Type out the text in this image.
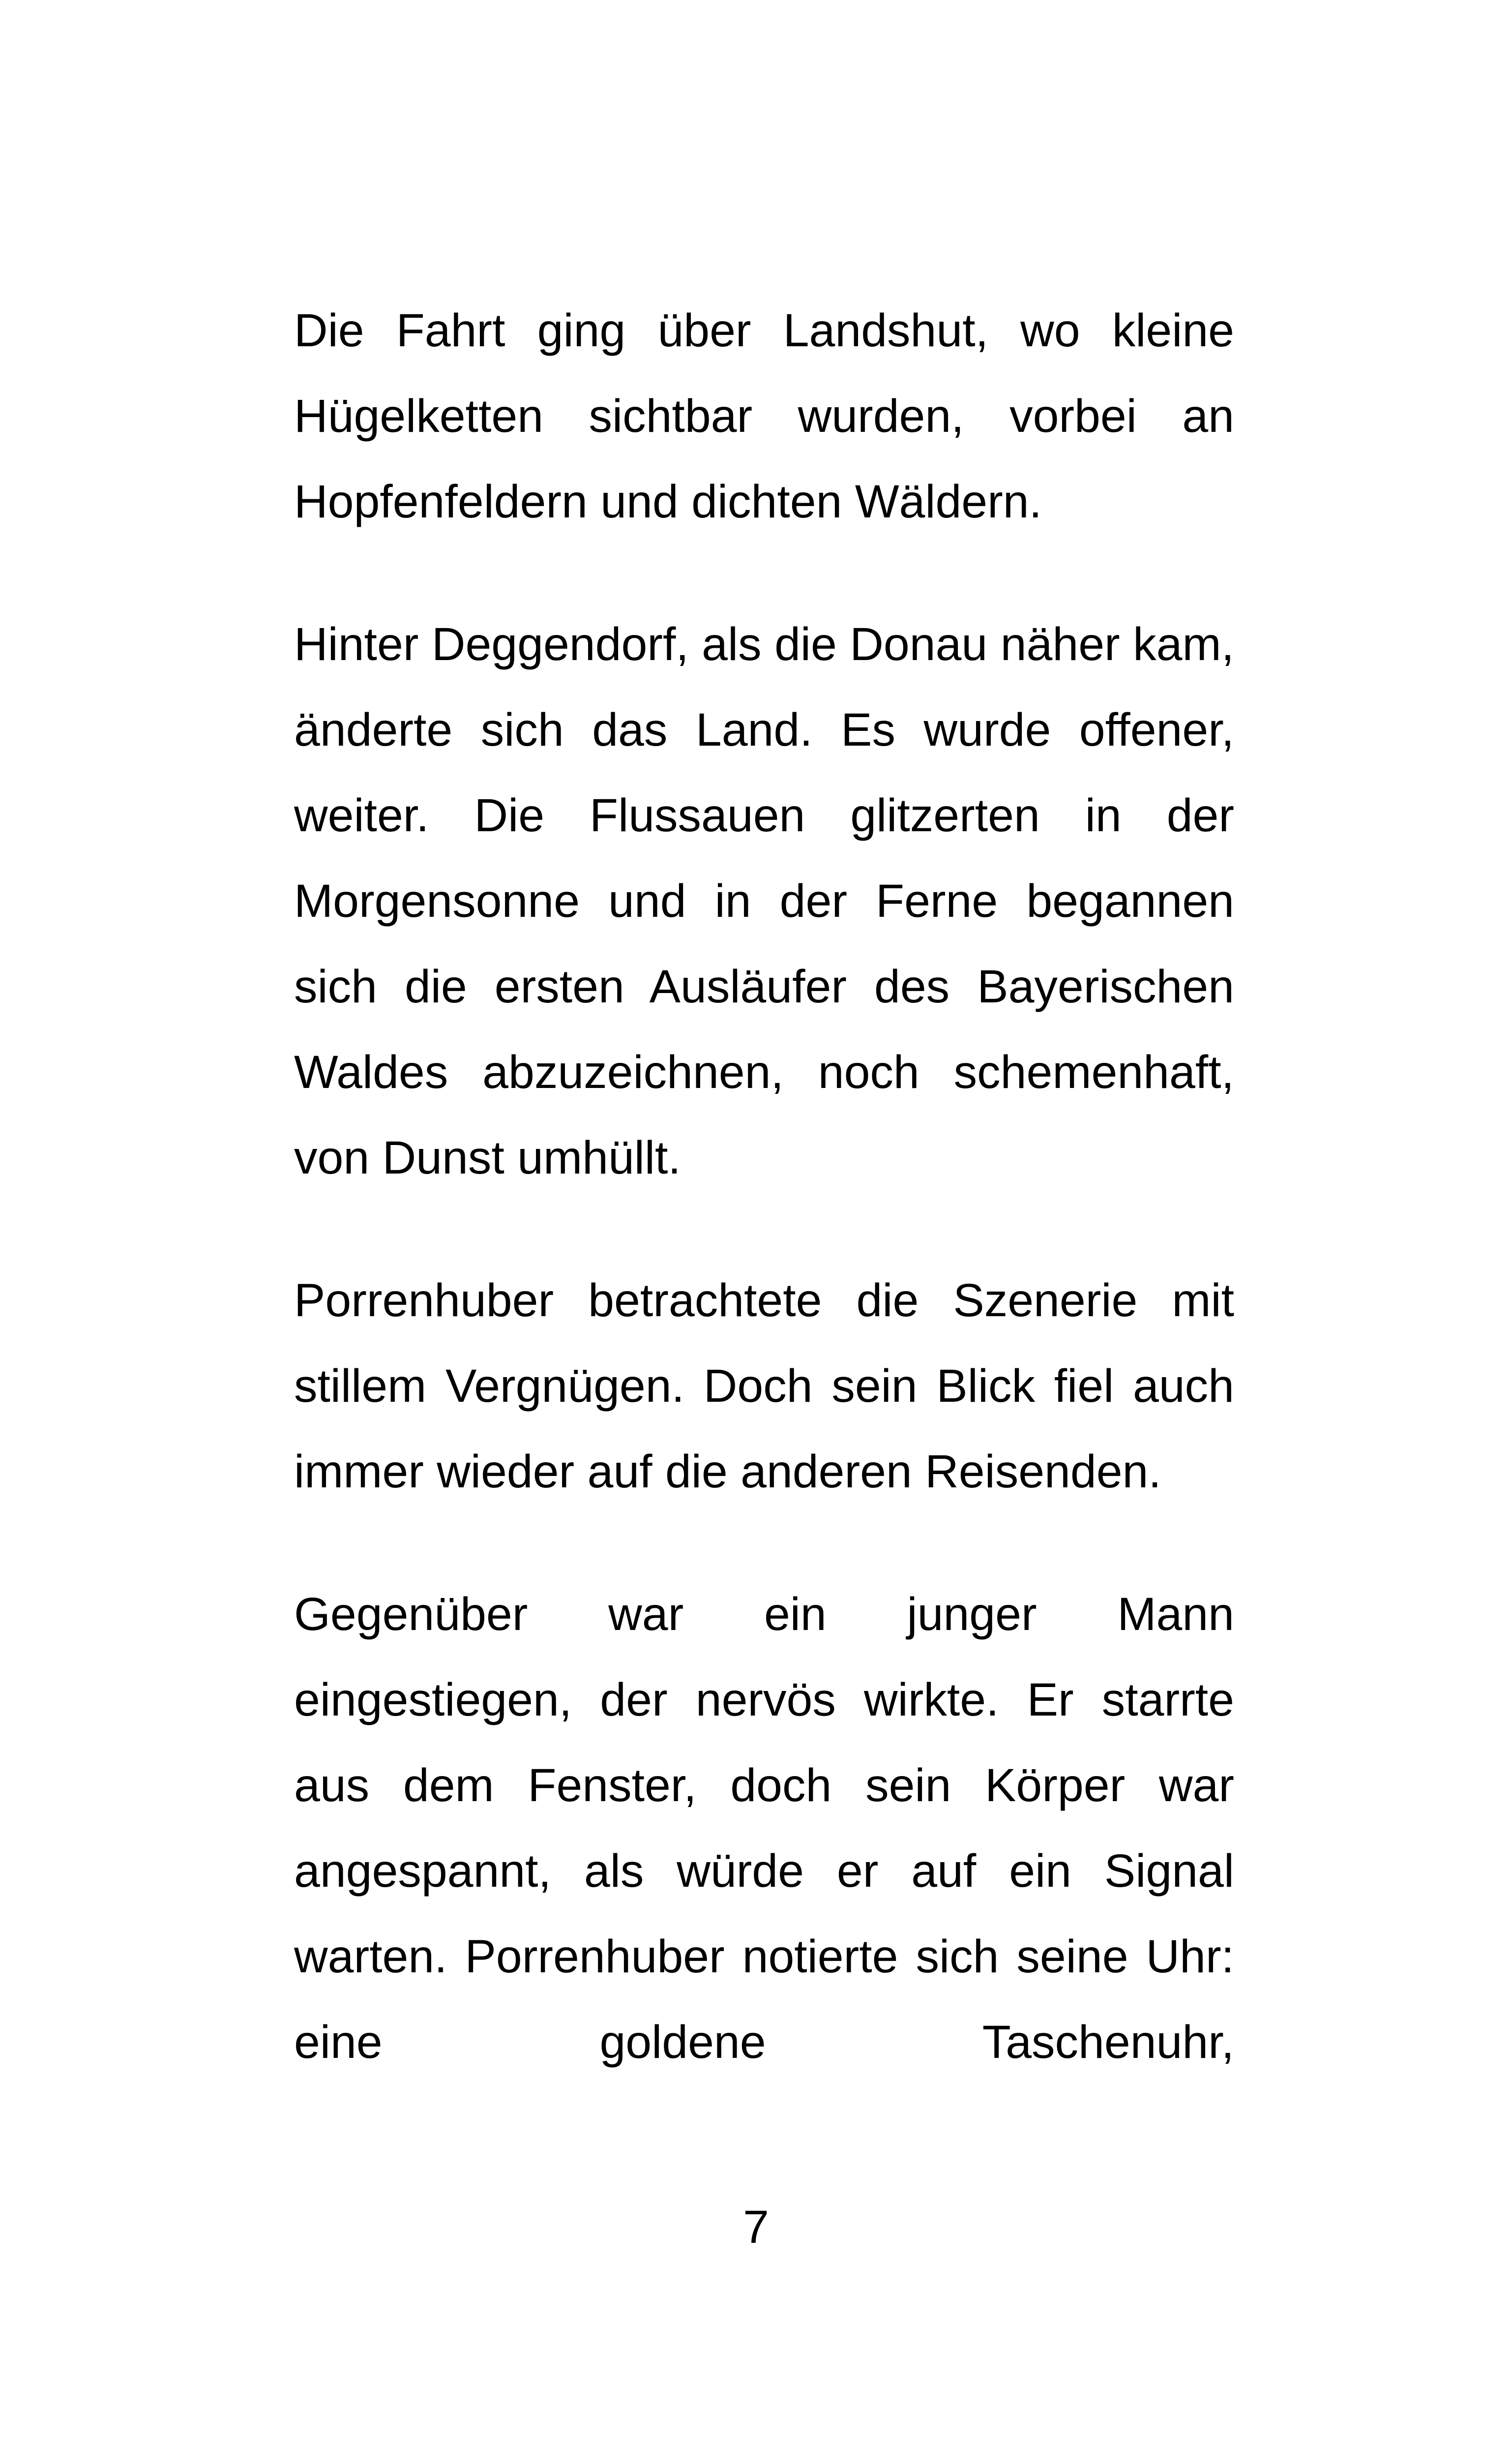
Die Fahrt ging über Landshut, wo kleine Hügelketten sichtbar wurden, vorbei an Hopfenfeldern und dichten Wäldern.

Hinter Deggendorf, als die Donau näher kam, änderte sich das Land. Es wurde offener, weiter. Die Flussauen glitzerten in der Morgensonne und in der Ferne begannen sich die ersten Ausläufer des Bayerischen Waldes abzuzeichnen, noch schemenhaft, von Dunst umhüllt.

Porrenhuber betrachtete die Szenerie mit stillem Vergnügen. Doch sein Blick fiel auch immer wieder auf die anderen Reisenden.

Gegenüber war ein junger Mann eingestiegen, der nervös wirkte. Er starrte aus dem Fenster, doch sein Körper war angespannt, als würde er auf ein Signal warten. Porrenhuber notierte sich seine Uhr: eine goldene Taschenuhr,

7
